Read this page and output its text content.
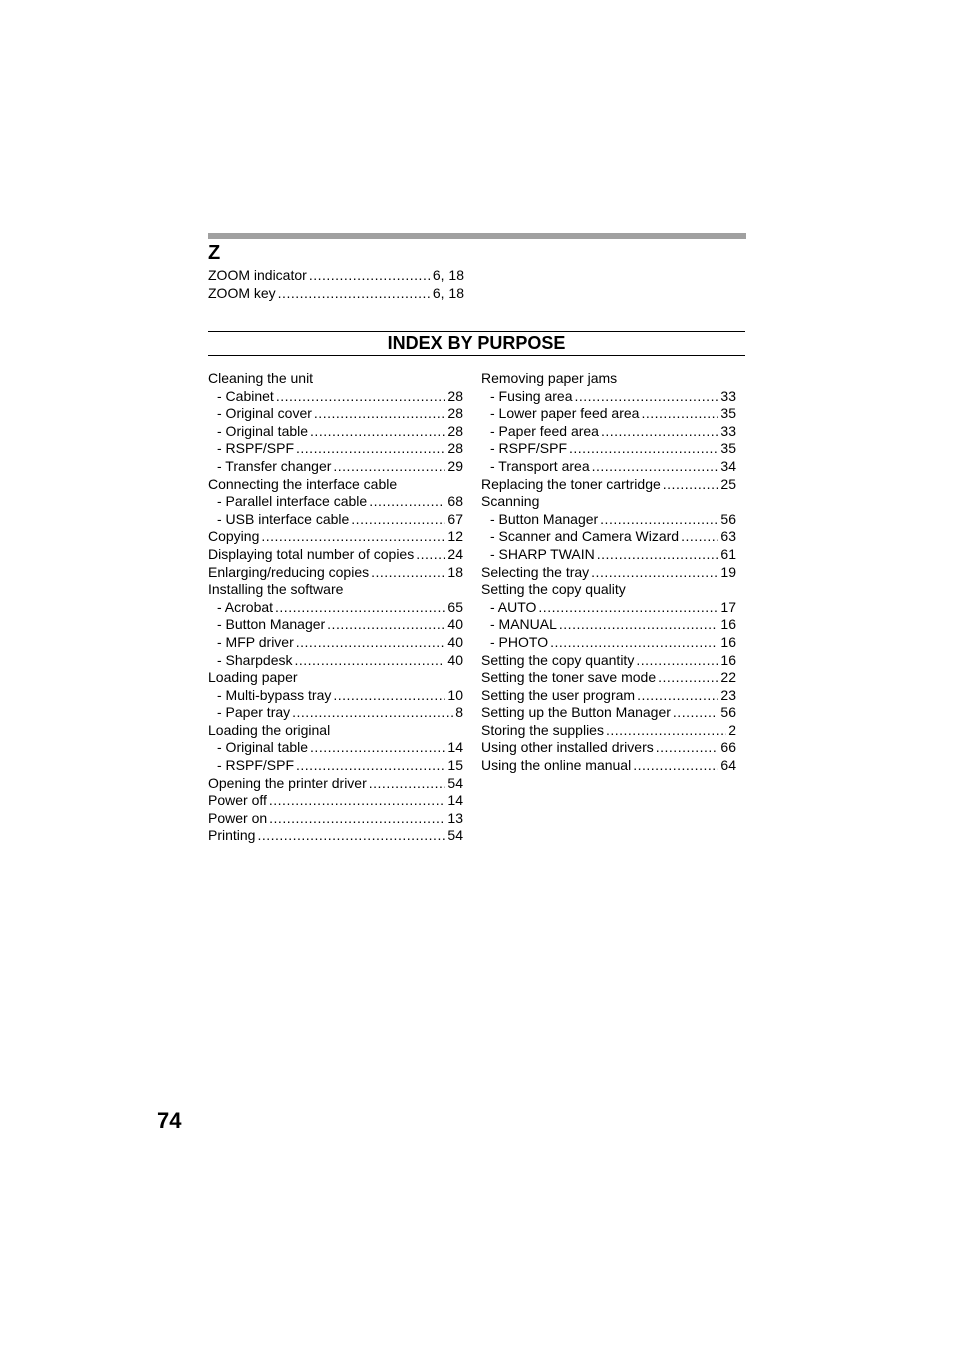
Z
ZOOM indicator .....	6, 18
ZOOM key .....	6, 18
INDEX BY PURPOSE
Cleaning the unit
- Cabinet .....	28
- Original cover .....	28
- Original table .....	28
- RSPF/SPF .....	28
- Transfer changer .....	29
Connecting the interface cable
- Parallel interface cable .....	68
- USB interface cable .....	67
Copying .....	12
Displaying total number of copies ..... 24
Enlarging/reducing copies .....	18
Installing the software
- Acrobat .....	65
- Button Manager .....	40
- MFP driver .....	40
- Sharpdesk .....	40
Loading paper
- Multi-bypass tray .....	10
- Paper tray .....	8
Loading the original
- Original table .....	14
- RSPF/SPF .....	15
Opening the printer driver .....	54
Power off .....	14
Power on .....	13
Printing .....	54
Removing paper jams
- Fusing area .....	33
- Lower paper feed area .....	35
- Paper feed area .....	33
- RSPF/SPF .....	35
- Transport area .....	34
Replacing the toner cartridge .....	25
Scanning
- Button Manager .....	56
- Scanner and Camera Wizard .....	63
- SHARP TWAIN .....	61
Selecting the tray .....	19
Setting the copy quality
- AUTO .....	17
- MANUAL .....	16
- PHOTO .....	16
Setting the copy quantity .....	16
Setting the toner save mode .....	22
Setting the user program .....	23
Setting up the Button Manager .....	56
Storing the supplies .....	2
Using other installed drivers .....	66
Using the online manual .....	64
74
